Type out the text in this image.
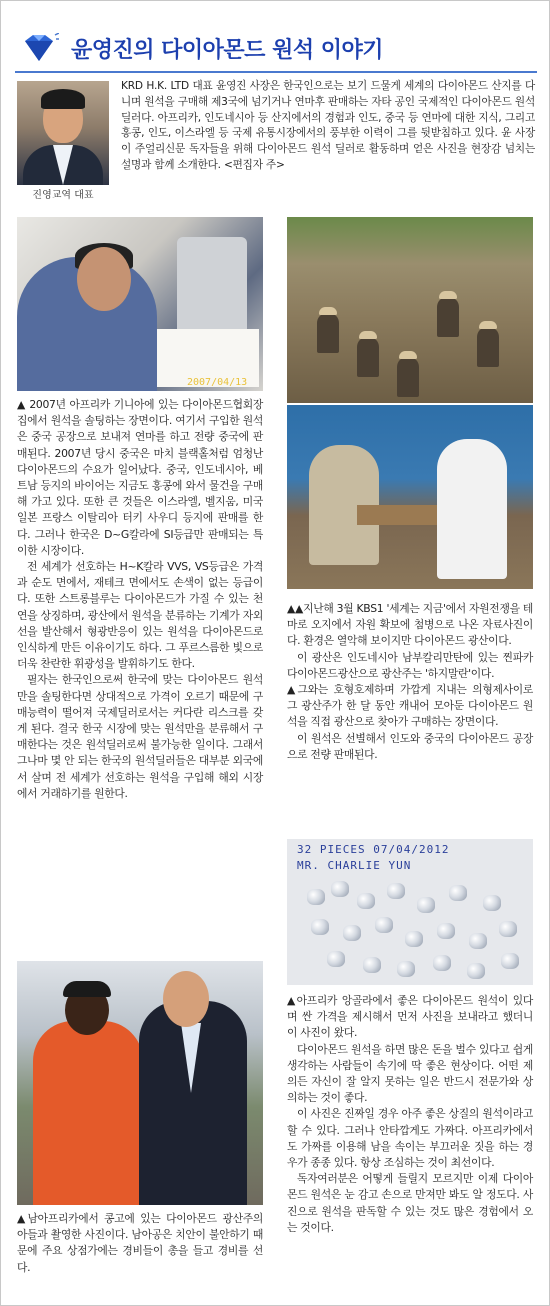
윤영진의 다이아몬드 원석 이야기
진영교역 대표
KRD H.K. LTD 대표 윤영진 사장은 한국인으로는 보기 드물게 세계의 다이아몬드 산지를 다니며 원석을 구매해 제3국에 넘기거나 연마후 판매하는 자타 공인 국제적인 다이아몬드 원석딜러다. 아프리카, 인도네시아 등 산지에서의 경험과 인도, 중국 등 연마에 대한 지식, 그리고 홍콩, 인도, 이스라엘 등 국제 유통시장에서의 풍부한 이력이 그를 뒷받침하고 있다. 윤 사장이 주얼리신문 독자들을 위해 다이아몬드 원석 딜러로 활동하며 얻은 사진을 현장감 넘치는 설명과 함께 소개한다. <편집자 주>
2007/04/13
32 PIECES 07/04/2012
MR. CHARLIE YUN

▲ 2007년 아프리카 기니아에 있는 다이아몬드협회장 집에서 원석을 솔팅하는 장면이다. 여기서 구입한 원석은 중국 공장으로 보내져 연마를 하고 전량 중국에 판매된다. 2007년 당시 중국은 마치 블랙홀처럼 엄청난 다이아몬드의 수요가 일어났다. 중국, 인도네시아, 베트남 등지의 바이어는 지금도 홍콩에 와서 물건을 구매해 가고 있다. 또한 큰 것들은 이스라엘, 벨지움, 미국 일본 프랑스 이탈리아 터키 사우디 등지에 판매를 한다. 그러나 한국은 D~G칼라에 SI등급만 판매되는 특이한 시장이다.

전 세계가 선호하는 H~K칼라 VVS, VS등급은 가격과 순도 면에서, 재테크 면에서도 손색이 없는 등급이다. 또한 스트롱블루는 다이아몬드가 가질 수 있는 천연을 상징하며, 광산에서 원석을 분류하는 기계가 자외선을 발산해서 형광반응이 있는 원석을 다이아몬드로 인식하게 만든 이유이기도 하다. 그 푸르스름한 빛으로 더욱 찬란한 휘광성을 발휘하기도 한다.

필자는 한국인으로써 한국에 맞는 다이아몬드 원석만을 솔팅한다면 상대적으로 가격이 오르기 때문에 구매능력이 떨어져 국제딜러로서는 커다란 리스크를 갖게 된다. 결국 한국 시장에 맞는 원석만을 분류해서 구매한다는 것은 원석딜러로써 불가능한 일이다. 그래서 그나마 몇 안 되는 한국의 원석딜러들은 대부분 외국에서 살며 전 세계가 선호하는 원석을 구입해 해외 시장에서 거래하기를 원한다.

▲▲지난해 3월 KBS1 '세계는 지금'에서 자원전쟁을 테마로 오지에서 자원 확보에 첨병으로 나온 자료사진이다. 환경은 열악해 보이지만 다이아몬드 광산이다.

이 광산은 인도네시아 남부칼리만탄에 있는 찐파카 다이아몬드광산으로 광산주는 '하지말란'이다.

▲그와는 호형호제하며 가깝게 지내는 의형제사이로 그 광산주가 한 달 동안 캐내어 모아둔 다이아몬드 원석을 직접 광산으로 찾아가 구매하는 장면이다.

이 원석은 선별해서 인도와 중국의 다이아몬드 공장으로 전량 판매된다.

▲아프리카 앙골라에서 좋은 다이아몬드 원석이 있다며 싼 가격을 제시해서 먼저 사진을 보내라고 했더니 이 사진이 왔다.

다이아몬드 원석을 하면 많은 돈을 벌수 있다고 쉽게 생각하는 사람들이 속기에 딱 좋은 현상이다. 어떤 제의든 자신이 잘 알지 못하는 일은 반드시 전문가와 상의하는 것이 좋다.

이 사진은 진짜일 경우 아주 좋은 상질의 원석이라고 할 수 있다. 그러나 안타깝게도 가짜다. 아프리카에서도 가짜를 이용해 남을 속이는 부끄러운 짓을 하는 경우가 종종 있다. 항상 조심하는 것이 최선이다.

독자여러분은 어떻게 들릴지 모르지만 이제 다이아몬드 원석은 눈 감고 손으로 만져만 봐도 알 정도다. 사진으로 원석을 판독할 수 있는 것도 많은 경험에서 오는 것이다.

▲남아프리카에서 콩고에 있는 다이아몬드 광산주의 아들과 촬영한 사진이다. 남아공은 치안이 불안하기 때문에 주요 상점가에는 경비들이 총을 들고 경비를 선다.
